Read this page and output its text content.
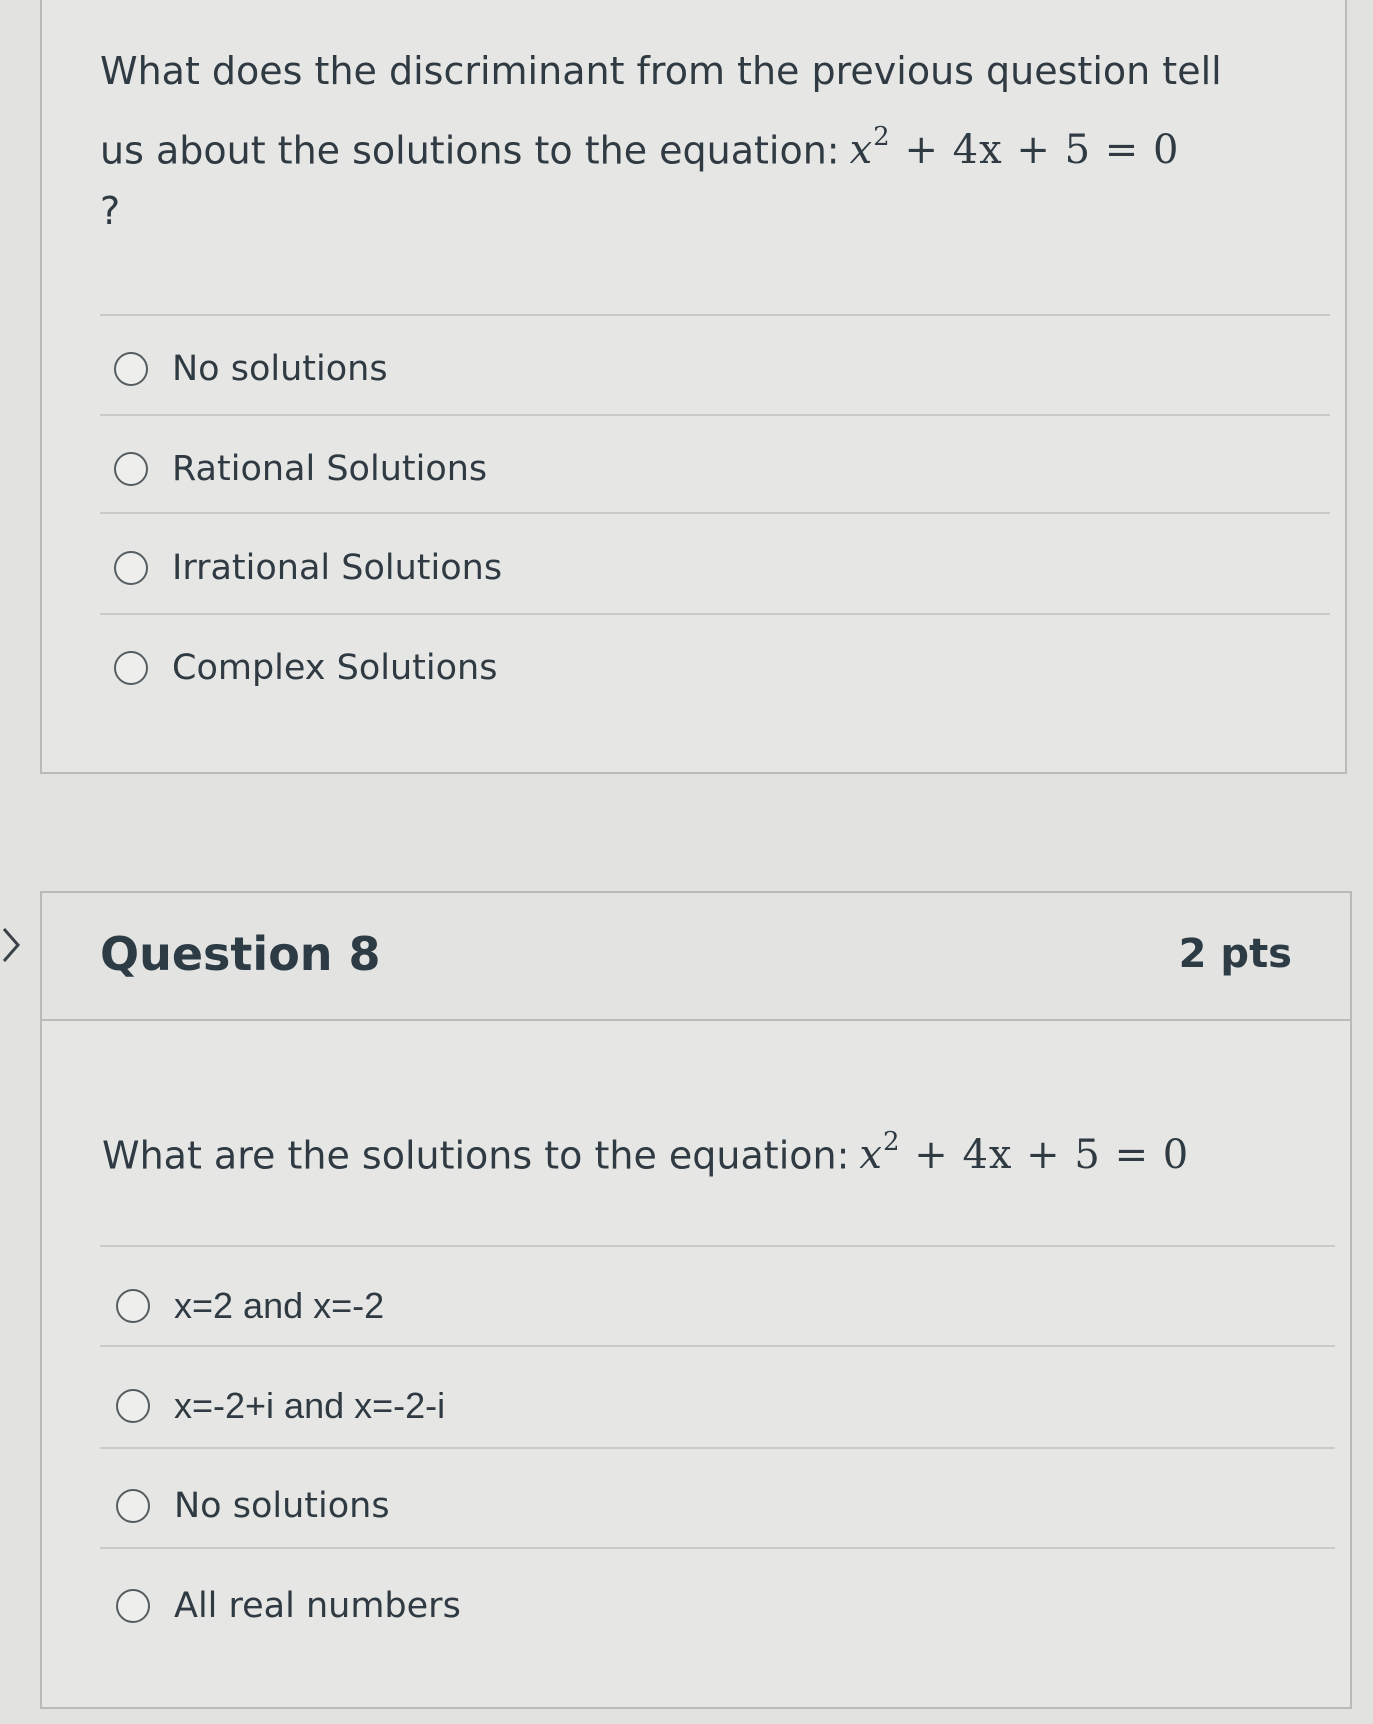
What does the discriminant from the previous question tell
us about the solutions to the equation: $x^2 + 4x + 5 = 0$
?
No solutions
Rational Solutions
Irrational Solutions
Complex Solutions
Question 8	2 pts
What are the solutions to the equation: $x^2 + 4x + 5 = 0$
x=2 and x=-2
x=-2+i and x=-2-i
No solutions
All real numbers
